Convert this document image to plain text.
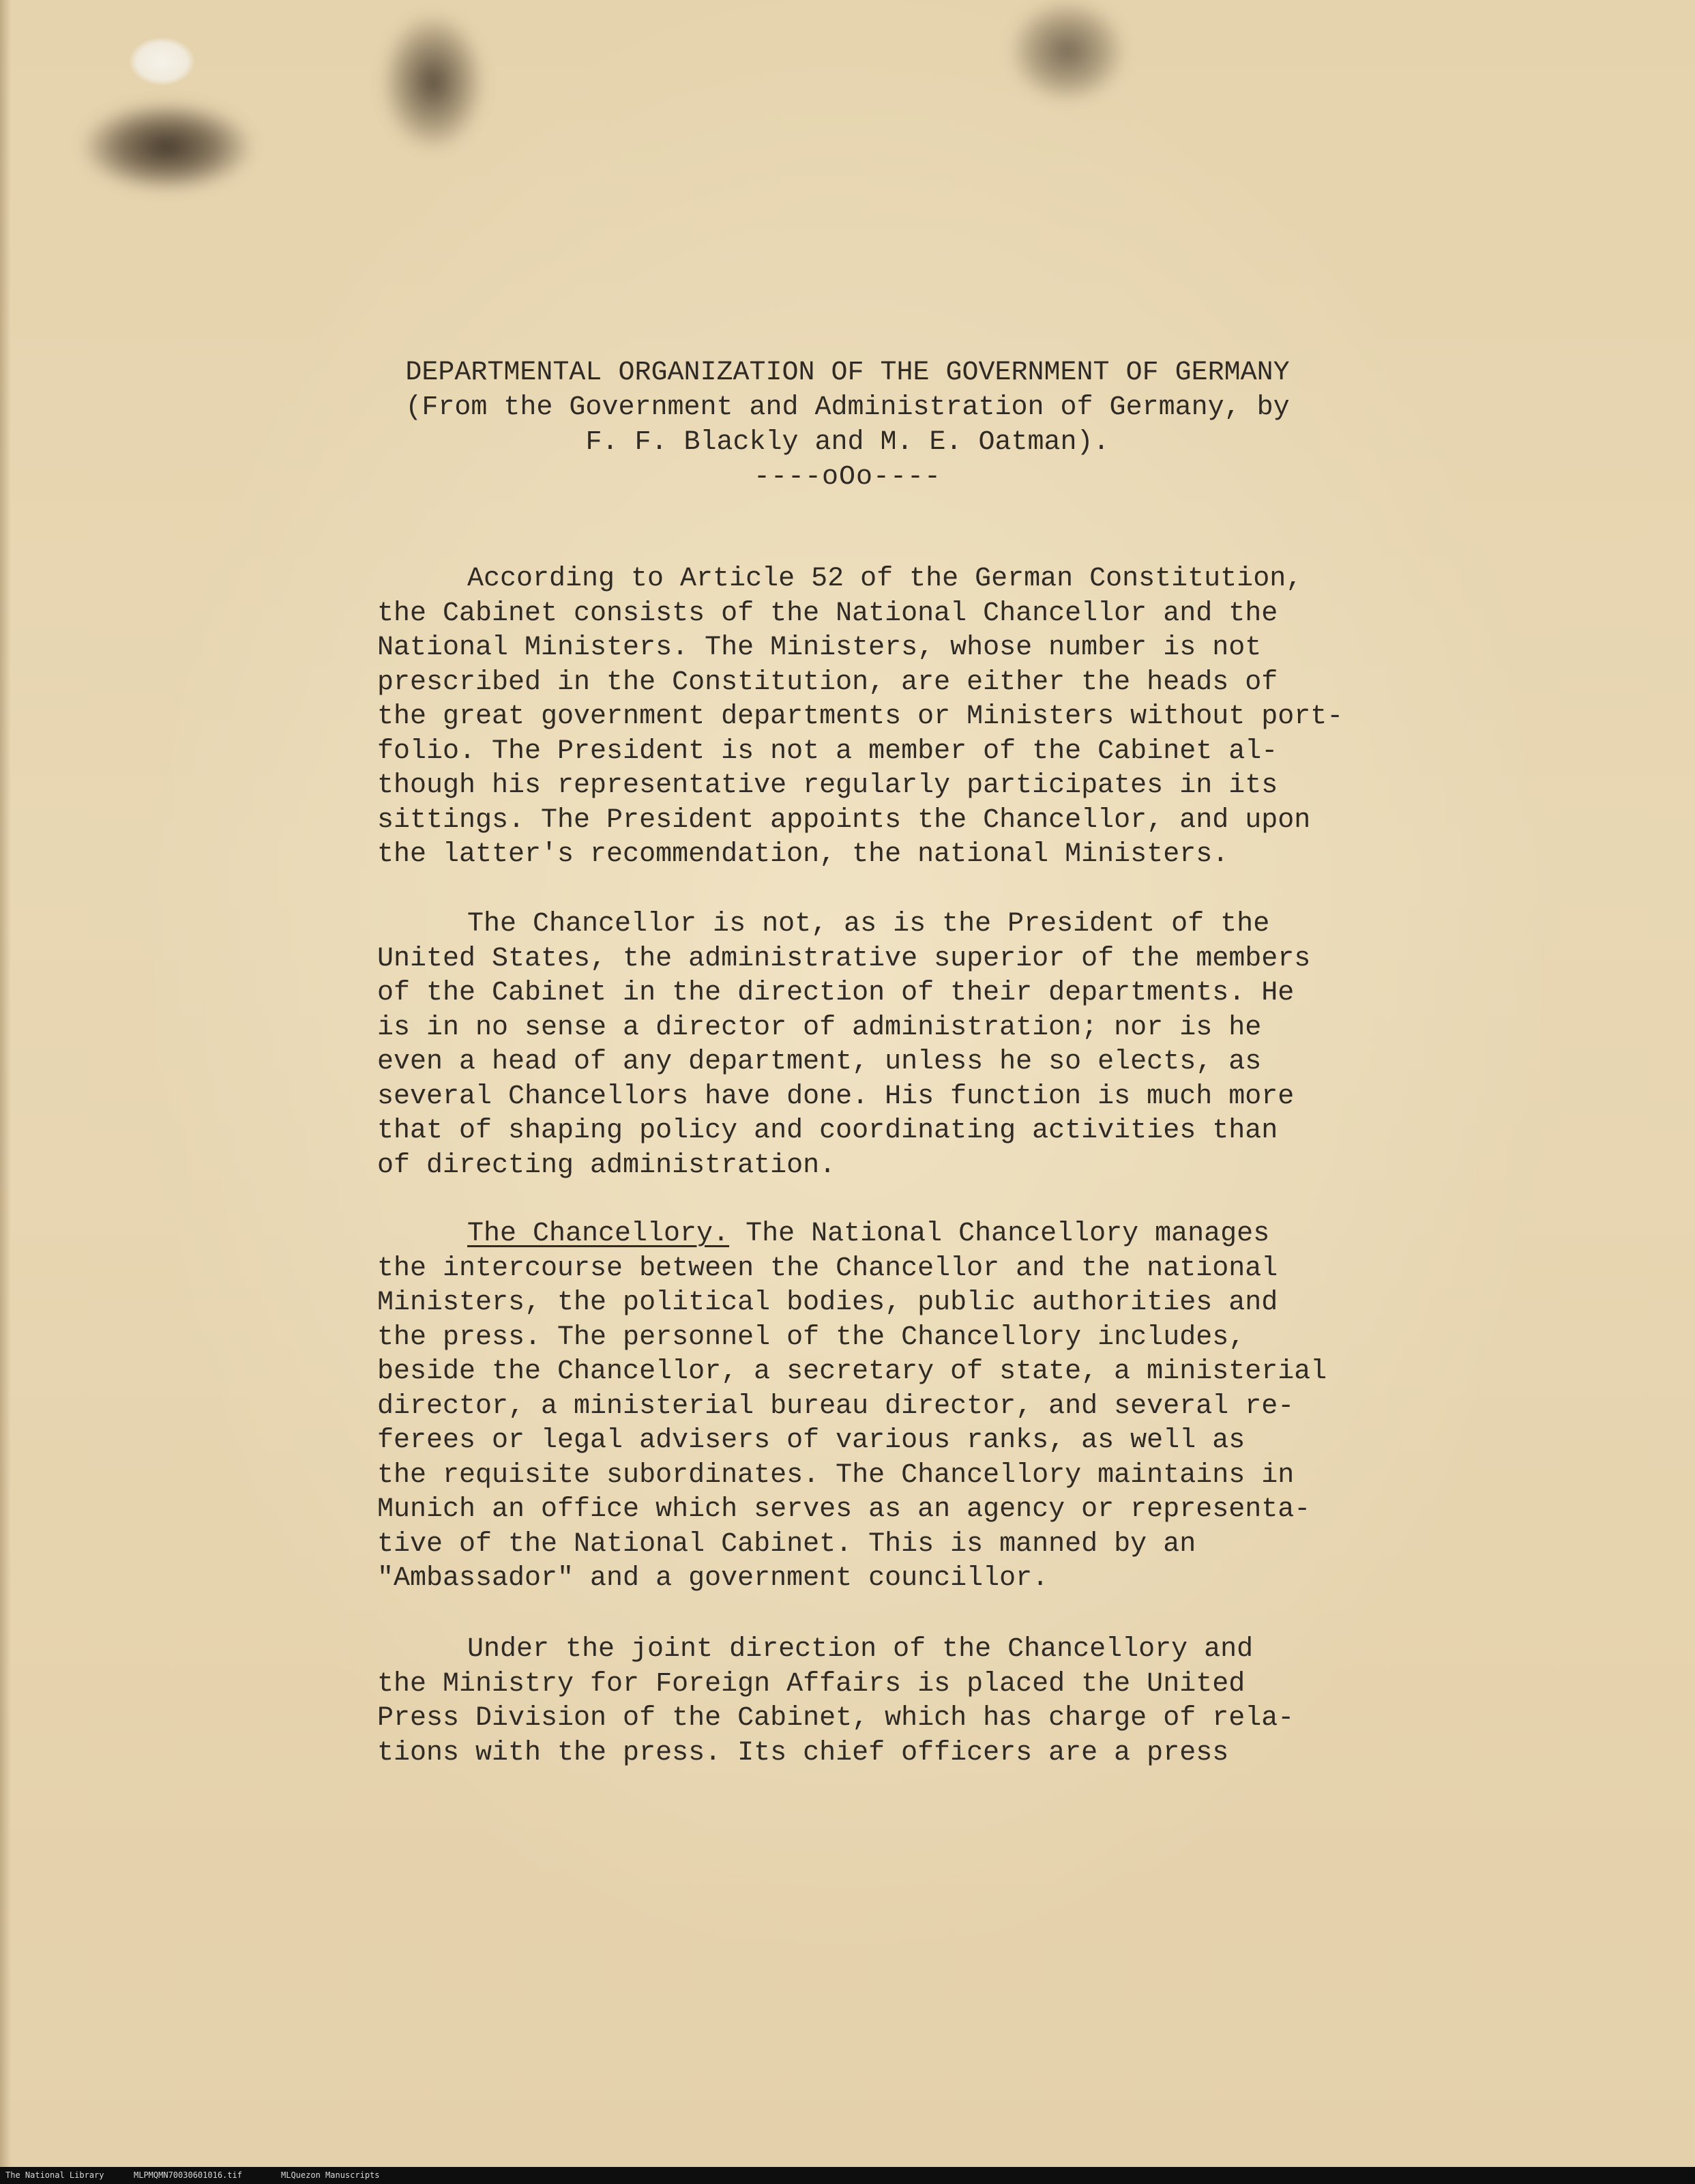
DEPARTMENTAL ORGANIZATION OF THE GOVERNMENT OF GERMANY
(From the Government and Administration of Germany, by
F. F. Blackly and M. E. Oatman).
----oOo----
According to Article 52 of the German Constitution,
the Cabinet consists of the National Chancellor and the
National Ministers. The Ministers, whose number is not
prescribed in the Constitution, are either the heads of
the great government departments or Ministers without port-
folio. The President is not a member of the Cabinet al-
though his representative regularly participates in its
sittings. The President appoints the Chancellor, and upon
the latter's recommendation, the national Ministers.
The Chancellor is not, as is the President of the
United States, the administrative superior of the members
of the Cabinet in the direction of their departments. He
is in no sense a director of administration; nor is he
even a head of any department, unless he so elects, as
several Chancellors have done. His function is much more
that of shaping policy and coordinating activities than
of directing administration.
The Chancellory. The National Chancellory manages
the intercourse between the Chancellor and the national
Ministers, the political bodies, public authorities and
the press. The personnel of the Chancellory includes,
beside the Chancellor, a secretary of state, a ministerial
director, a ministerial bureau director, and several re-
ferees or legal advisers of various ranks, as well as
the requisite subordinates. The Chancellory maintains in
Munich an office which serves as an agency or representa-
tive of the National Cabinet. This is manned by an
"Ambassador" and a government councillor.
Under the joint direction of the Chancellory and
the Ministry for Foreign Affairs is placed the United
Press Division of the Cabinet, which has charge of rela-
tions with the press. Its chief officers are a press
The National Library	MLPMQMN70030601016.tif	MLQuezon Manuscripts
